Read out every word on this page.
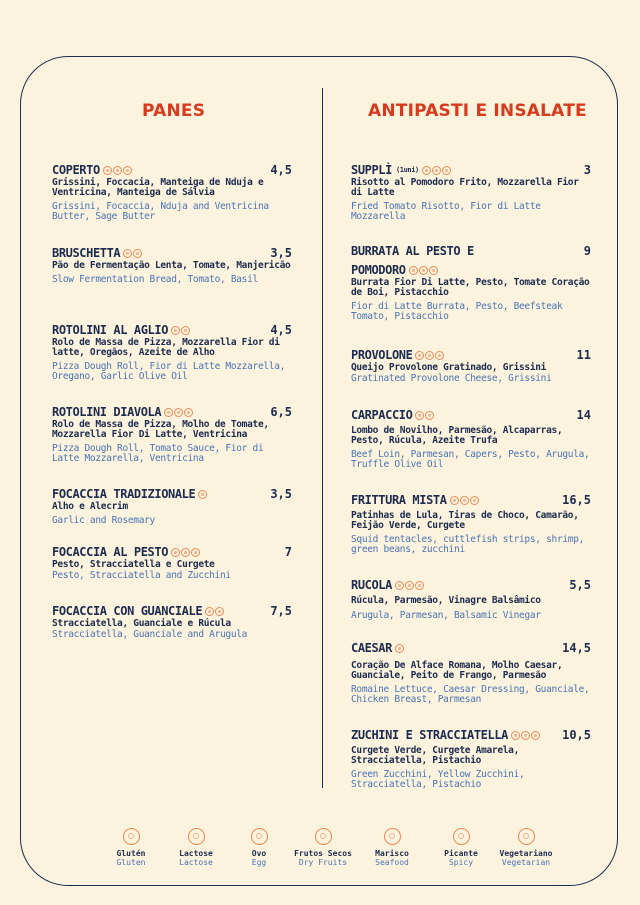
PANES	ANTIPASTI E INSALATE
COPERTO	4,5
Grissini, Foccacia, Manteiga de Nduja e Ventricina, Manteiga de Sálvia
Grissini, Focaccia, Nduja and Ventricina Butter, Sage Butter
BRUSCHETTA	3,5
Pão de Fermentação Lenta, Tomate, Manjericão
Slow Fermentation Bread, Tomato, Basil
ROTOLINI AL AGLIO	4,5
Rolo de Massa de Pizza, Mozzarella Fior di latte, Oregãos, Azeite de Alho
Pizza Dough Roll, Fior di Latte Mozzarella, Oregano, Garlic Olive Oil
ROTOLINI DIAVOLA	6,5
Rolo de Massa de Pizza, Molho de Tomate, Mozzarella Fior Di Latte, Ventricina
Pizza Dough Roll, Tomato Sauce, Fior di Latte Mozzarella, Ventricina
FOCACCIA TRADIZIONALE	3,5
Alho e Alecrim
Garlic and Rosemary
FOCACCIA AL PESTO	7
Pesto, Stracciatella e Curgete
Pesto, Stracciatella and Zucchini
FOCACCIA CON GUANCIALE	7,5
Stracciatella, Guanciale e Rúcula
Stracciatella, Guanciale and Arugula
SUPPLÌ (1uni)	3
Risotto al Pomodoro Frito, Mozzarella Fior di Latte
Fried Tomato Risotto, Fior di Latte Mozzarella
BURRATA AL PESTO E	9
POMODORO
Burrata Fior Di Latte, Pesto, Tomate Coração de Boi, Pistacchio
Fior di Latte Burrata, Pesto, Beefsteak Tomato, Pistacchio
PROVOLONE	11
Queijo Provolone Gratinado, Grissini
Gratinated Provolone Cheese, Grissini
CARPACCIO	14
Lombo de Novilho, Parmesão, Alcaparras, Pesto, Rúcula, Azeite Trufa
Beef Loin, Parmesan, Capers, Pesto, Arugula, Truffle Olive Oil
FRITTURA MISTA	16,5
Patinhas de Lula, Tiras de Choco, Camarão, Feijão Verde, Curgete
Squid tentacles, cuttlefish strips, shrimp, green beans, zucchini
RUCOLA	5,5
Rúcula, Parmesão, Vinagre Balsâmico
Arugula, Parmesan, Balsamic Vinegar
CAESAR	14,5
Coração De Alface Romana, Molho Caesar, Guanciale, Peito de Frango, Parmesão
Romaine Lettuce, Caesar Dressing, Guanciale, Chicken Breast, Parmesan
ZUCHINI E STRACCIATELLA	10,5
Curgete Verde, Curgete Amarela, Stracciatella, Pistachio
Green Zucchini, Yellow Zucchini, Stracciatella, Pistachio
Glutén
Gluten
Lactose
Lactose
Ovo
Egg
Frutos Secos
Dry Fruits
Marisco
Seafood
Picante
Spicy
Vegetariano
Vegetarian
